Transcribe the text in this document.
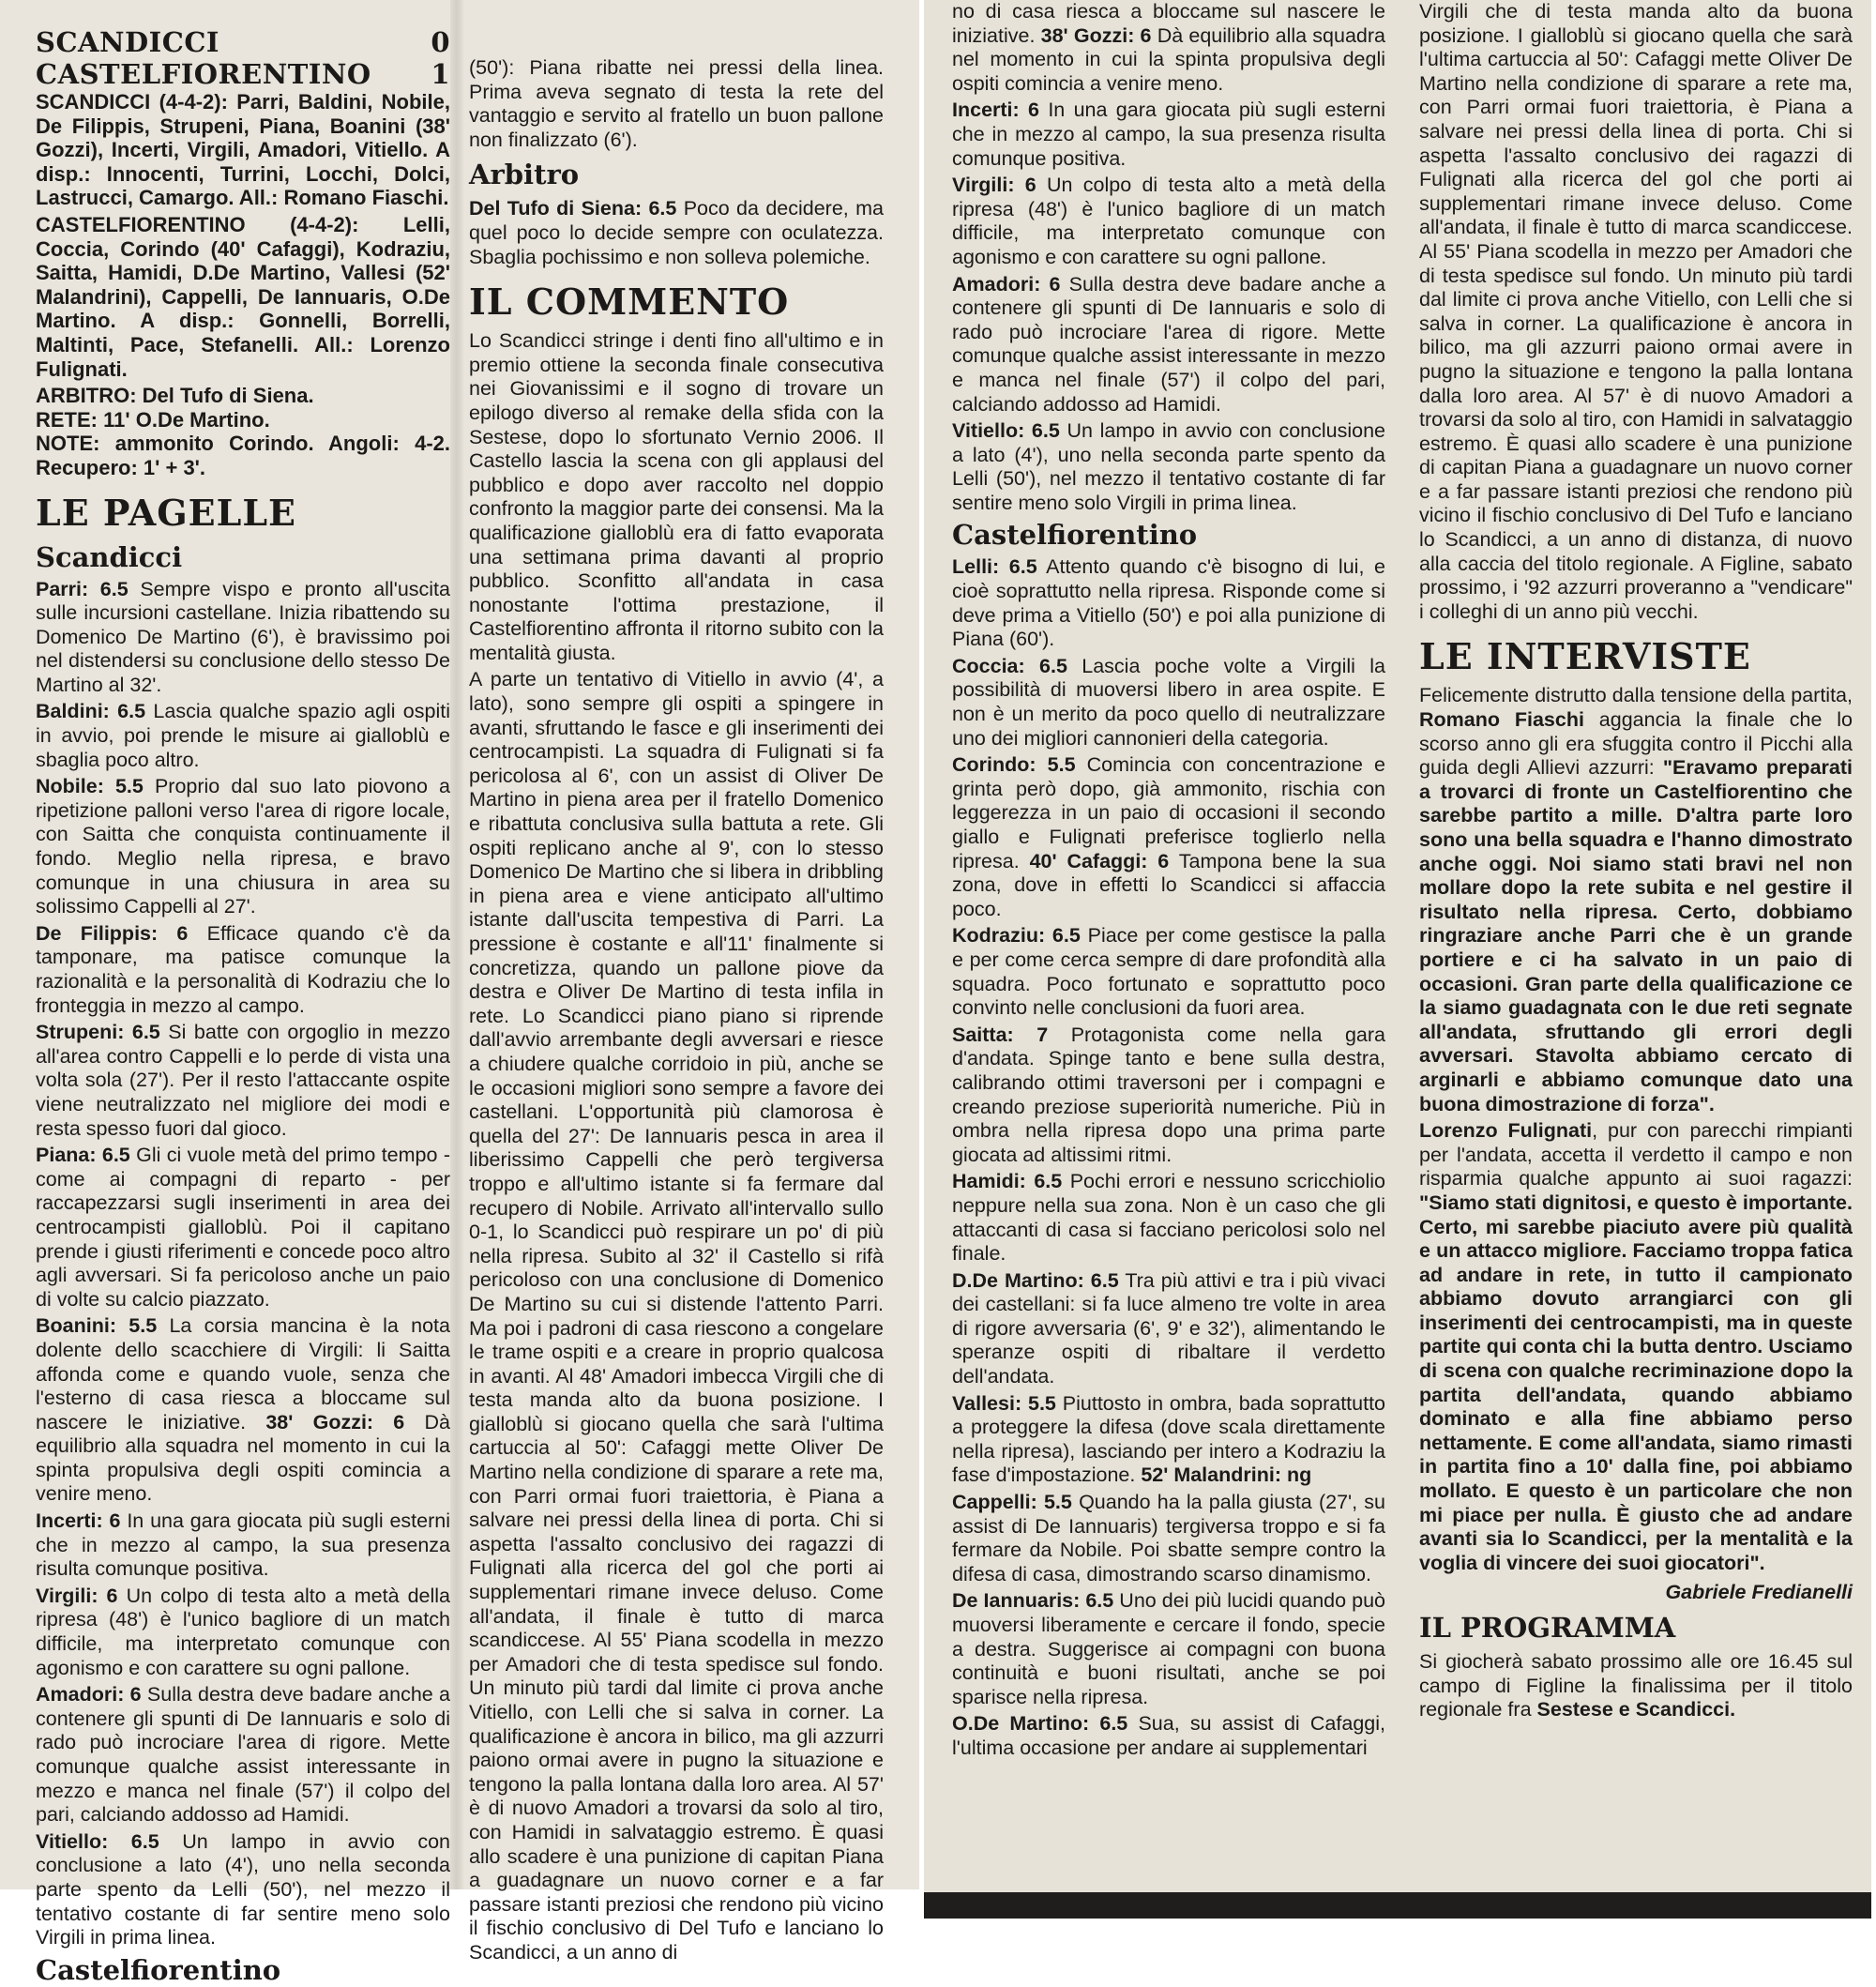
SCANDICCI	0
CASTELFIORENTINO 1

SCANDICCI (4-4-2): Parri, Baldini, Nobile, De Filippis, Strupeni, Piana, Boanini (38' Gozzi), Incerti, Virgili, Amadori, Vitiello. A disp.: Innocenti, Turrini, Locchi, Dolci, Lastrucci, Camargo. All.: Romano Fiaschi.

CASTELFIORENTINO (4-4-2): Lelli, Coccia, Corindo (40' Cafaggi), Kodraziu, Saitta, Hamidi, D.De Martino, Vallesi (52' Malandrini), Cappelli, De Iannuaris, O.De Martino. A disp.: Gonnelli, Borrelli, Maltinti, Pace, Stefanelli. All.: Lorenzo Fulignati.

ARBITRO: Del Tufo di Siena.

RETE: 11' O.De Martino.

NOTE: ammonito Corindo. Angoli: 4-2. Recupero: 1' + 3'.

LE PAGELLE
Scandicci

Parri: 6.5 Sempre vispo e pronto all'uscita sulle incursioni castellane. Inizia ribattendo su Domenico De Martino (6'), è bravissimo poi nel distendersi su conclusione dello stesso De Martino al 32'.

Baldini: 6.5 Lascia qualche spazio agli ospiti in avvio, poi prende le misure ai gialloblù e sbaglia poco altro.

Nobile: 5.5 Proprio dal suo lato piovono a ripetizione palloni verso l'area di rigore locale, con Saitta che conquista continuamente il fondo. Meglio nella ripresa, e bravo comunque in una chiusura in area su solissimo Cappelli al 27'.

De Filippis: 6 Efficace quando c'è da tamponare, ma patisce comunque la razionalità e la personalità di Kodraziu che lo fronteggia in mezzo al campo.

Strupeni: 6.5 Si batte con orgoglio in mezzo all'area contro Cappelli e lo perde di vista una volta sola (27'). Per il resto l'attaccante ospite viene neutralizzato nel migliore dei modi e resta spesso fuori dal gioco.

Piana: 6.5 Gli ci vuole metà del primo tempo - come ai compagni di reparto - per raccapezzarsi sugli inserimenti in area dei centrocampisti gialloblù. Poi il capitano prende i giusti riferimenti e concede poco altro agli avversari. Si fa pericoloso anche un paio di volte su calcio piazzato.

Boanini: 5.5 La corsia mancina è la nota dolente dello scacchiere di Virgili: li Saitta affonda come e quando vuole, senza che l'esterno di casa riesca a bloccame sul nascere le iniziative. 38' Gozzi: 6 Dà equilibrio alla squadra nel momento in cui la spinta propulsiva degli ospiti comincia a venire meno.

Incerti: 6 In una gara giocata più sugli esterni che in mezzo al campo, la sua presenza risulta comunque positiva.

Virgili: 6 Un colpo di testa alto a metà della ripresa (48') è l'unico bagliore di un match difficile, ma interpretato comunque con agonismo e con carattere su ogni pallone.

Amadori: 6 Sulla destra deve badare anche a contenere gli spunti di De Iannuaris e solo di rado può incrociare l'area di rigore. Mette comunque qualche assist interessante in mezzo e manca nel finale (57') il colpo del pari, calciando addosso ad Hamidi.

Vitiello: 6.5 Un lampo in avvio con conclusione a lato (4'), uno nella seconda parte spento da Lelli (50'), nel mezzo il tentativo costante di far sentire meno solo Virgili in prima linea.

Castelfiorentino

(50'): Piana ribatte nei pressi della linea. Prima aveva segnato di testa la rete del vantaggio e servito al fratello un buon pallone non finalizzato (6').

Arbitro

Del Tufo di Siena: 6.5 Poco da decidere, ma quel poco lo decide sempre con oculatezza. Sbaglia pochissimo e non solleva polemiche.

IL COMMENTO

Lo Scandicci stringe i denti fino all'ultimo e in premio ottiene la seconda finale consecutiva nei Giovanissimi e il sogno di trovare un epilogo diverso al remake della sfida con la Sestese, dopo lo sfortunato Vernio 2006. Il Castello lascia la scena con gli applausi del pubblico e dopo aver raccolto nel doppio confronto la maggior parte dei consensi. Ma la qualificazione gialloblù era di fatto evaporata una settimana prima davanti al proprio pubblico. Sconfitto all'andata in casa nonostante l'ottima prestazione, il Castelfiorentino affronta il ritorno subito con la mentalità giusta.

A parte un tentativo di Vitiello in avvio (4', a lato), sono sempre gli ospiti a spingere in avanti, sfruttando le fasce e gli inserimenti dei centrocampisti. La squadra di Fulignati si fa pericolosa al 6', con un assist di Oliver De Martino in piena area per il fratello Domenico e ribattuta conclusiva sulla battuta a rete. Gli ospiti replicano anche al 9', con lo stesso Domenico De Martino che si libera in dribbling in piena area e viene anticipato all'ultimo istante dall'uscita tempestiva di Parri. La pressione è costante e all'11' finalmente si concretizza, quando un pallone piove da destra e Oliver De Martino di testa infila in rete. Lo Scandicci piano piano si riprende dall'avvio arrembante degli avversari e riesce a chiudere qualche corridoio in più, anche se le occasioni migliori sono sempre a favore dei castellani. L'opportunità più clamorosa è quella del 27': De Iannuaris pesca in area il liberissimo Cappelli che però tergiversa troppo e all'ultimo istante si fa fermare dal recupero di Nobile. Arrivato all'intervallo sullo 0-1, lo Scandicci può respirare un po' di più nella ripresa. Subito al 32' il Castello si rifà pericoloso con una conclusione di Domenico De Martino su cui si distende l'attento Parri. Ma poi i padroni di casa riescono a congelare le trame ospiti e a creare in proprio qualcosa in avanti. Al 48' Amadori imbecca Virgili che di testa manda alto da buona posizione. I gialloblù si giocano quella che sarà l'ultima cartuccia al 50': Cafaggi mette Oliver De Martino nella condizione di sparare a rete ma, con Parri ormai fuori traiettoria, è Piana a salvare nei pressi della linea di porta. Chi si aspetta l'assalto conclusivo dei ragazzi di Fulignati alla ricerca del gol che porti ai supplementari rimane invece deluso. Come all'andata, il finale è tutto di marca scandiccese. Al 55' Piana scodella in mezzo per Amadori che di testa spedisce sul fondo. Un minuto più tardi dal limite ci prova anche Vitiello, con Lelli che si salva in corner. La qualificazione è ancora in bilico, ma gli azzurri paiono ormai avere in pugno la situazione e tengono la palla lontana dalla loro area. Al 57' è di nuovo Amadori a trovarsi da solo al tiro, con Hamidi in salvataggio estremo. È quasi allo scadere è una punizione di capitan Piana a guadagnare un nuovo corner e a far passare istanti preziosi che rendono più vicino il fischio conclusivo di Del Tufo e lanciano lo Scandicci, a un anno di

no di casa riesca a bloccame sul nascere le iniziative. 38' Gozzi: 6 Dà equilibrio alla squadra nel momento in cui la spinta propulsiva degli ospiti comincia a venire meno.

Incerti: 6 In una gara giocata più sugli esterni che in mezzo al campo, la sua presenza risulta comunque positiva.

Virgili: 6 Un colpo di testa alto a metà della ripresa (48') è l'unico bagliore di un match difficile, ma interpretato comunque con agonismo e con carattere su ogni pallone.

Amadori: 6 Sulla destra deve badare anche a contenere gli spunti di De Iannuaris e solo di rado può incrociare l'area di rigore. Mette comunque qualche assist interessante in mezzo e manca nel finale (57') il colpo del pari, calciando addosso ad Hamidi.

Vitiello: 6.5 Un lampo in avvio con conclusione a lato (4'), uno nella seconda parte spento da Lelli (50'), nel mezzo il tentativo costante di far sentire meno solo Virgili in prima linea.

Castelfiorentino

Lelli: 6.5 Attento quando c'è bisogno di lui, e cioè soprattutto nella ripresa. Risponde come si deve prima a Vitiello (50') e poi alla punizione di Piana (60').

Coccia: 6.5 Lascia poche volte a Virgili la possibilità di muoversi libero in area ospite. E non è un merito da poco quello di neutralizzare uno dei migliori cannonieri della categoria.

Corindo: 5.5 Comincia con concentrazione e grinta però dopo, già ammonito, rischia con leggerezza in un paio di occasioni il secondo giallo e Fulignati preferisce toglierlo nella ripresa. 40' Cafaggi: 6 Tampona bene la sua zona, dove in effetti lo Scandicci si affaccia poco.

Kodraziu: 6.5 Piace per come gestisce la palla e per come cerca sempre di dare profondità alla squadra. Poco fortunato e soprattutto poco convinto nelle conclusioni da fuori area.

Saitta: 7 Protagonista come nella gara d'andata. Spinge tanto e bene sulla destra, calibrando ottimi traversoni per i compagni e creando preziose superiorità numeriche. Più in ombra nella ripresa dopo una prima parte giocata ad altissimi ritmi.

Hamidi: 6.5 Pochi errori e nessuno scricchiolio neppure nella sua zona. Non è un caso che gli attaccanti di casa si facciano pericolosi solo nel finale.

D.De Martino: 6.5 Tra più attivi e tra i più vivaci dei castellani: si fa luce almeno tre volte in area di rigore avversaria (6', 9' e 32'), alimentando le speranze ospiti di ribaltare il verdetto dell'andata.

Vallesi: 5.5 Piuttosto in ombra, bada soprattutto a proteggere la difesa (dove scala direttamente nella ripresa), lasciando per intero a Kodraziu la fase d'impostazione. 52' Malandrini: ng

Cappelli: 5.5 Quando ha la palla giusta (27', su assist di De Iannuaris) tergiversa troppo e si fa fermare da Nobile. Poi sbatte sempre contro la difesa di casa, dimostrando scarso dinamismo.

De Iannuaris: 6.5 Uno dei più lucidi quando può muoversi liberamente e cercare il fondo, specie a destra. Suggerisce ai compagni con buona continuità e buoni risultati, anche se poi sparisce nella ripresa.

O.De Martino: 6.5 Sua, su assist di Cafaggi, l'ultima occasione per andare ai supplementari

Virgili che di testa manda alto da buona posizione. I gialloblù si giocano quella che sarà l'ultima cartuccia al 50': Cafaggi mette Oliver De Martino nella condizione di sparare a rete ma, con Parri ormai fuori traiettoria, è Piana a salvare nei pressi della linea di porta. Chi si aspetta l'assalto conclusivo dei ragazzi di Fulignati alla ricerca del gol che porti ai supplementari rimane invece deluso. Come all'andata, il finale è tutto di marca scandiccese. Al 55' Piana scodella in mezzo per Amadori che di testa spedisce sul fondo. Un minuto più tardi dal limite ci prova anche Vitiello, con Lelli che si salva in corner. La qualificazione è ancora in bilico, ma gli azzurri paiono ormai avere in pugno la situazione e tengono la palla lontana dalla loro area. Al 57' è di nuovo Amadori a trovarsi da solo al tiro, con Hamidi in salvataggio estremo. È quasi allo scadere è una punizione di capitan Piana a guadagnare un nuovo corner e a far passare istanti preziosi che rendono più vicino il fischio conclusivo di Del Tufo e lanciano lo Scandicci, a un anno di distanza, di nuovo alla caccia del titolo regionale. A Figline, sabato prossimo, i '92 azzurri proveranno a "vendicare" i colleghi di un anno più vecchi.

LE INTERVISTE

Felicemente distrutto dalla tensione della partita, Romano Fiaschi aggancia la finale che lo scorso anno gli era sfuggita contro il Picchi alla guida degli Allievi azzurri: "Eravamo preparati a trovarci di fronte un Castelfiorentino che sarebbe partito a mille. D'altra parte loro sono una bella squadra e l'hanno dimostrato anche oggi. Noi siamo stati bravi nel non mollare dopo la rete subita e nel gestire il risultato nella ripresa. Certo, dobbiamo ringraziare anche Parri che è un grande portiere e ci ha salvato in un paio di occasioni. Gran parte della qualificazione ce la siamo guadagnata con le due reti segnate all'andata, sfruttando gli errori degli avversari. Stavolta abbiamo cercato di arginarli e abbiamo comunque dato una buona dimostrazione di forza".

Lorenzo Fulignati, pur con parecchi rimpianti per l'andata, accetta il verdetto il campo e non risparmia qualche appunto ai suoi ragazzi: "Siamo stati dignitosi, e questo è importante. Certo, mi sarebbe piaciuto avere più qualità e un attacco migliore. Facciamo troppa fatica ad andare in rete, in tutto il campionato abbiamo dovuto arrangiarci con gli inserimenti dei centrocampisti, ma in queste partite qui conta chi la butta dentro. Usciamo di scena con qualche recriminazione dopo la partita dell'andata, quando abbiamo dominato e alla fine abbiamo perso nettamente. E come all'andata, siamo rimasti in partita fino a 10' dalla fine, poi abbiamo mollato. E questo è un particolare che non mi piace per nulla. È giusto che ad andare avanti sia lo Scandicci, per la mentalità e la voglia di vincere dei suoi giocatori".

Gabriele Fredianelli
IL PROGRAMMA

Si giocherà sabato prossimo alle ore 16.45 sul campo di Figline la finalissima per il titolo regionale fra Sestese e Scandicci.
